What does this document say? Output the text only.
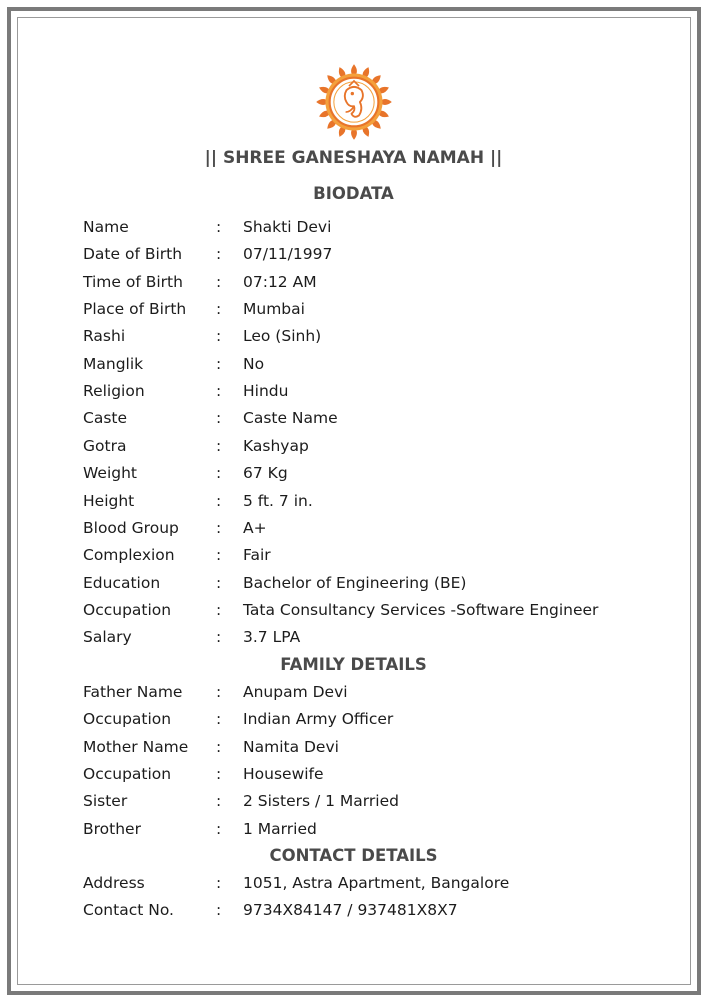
|| SHREE GANESHAYA NAMAH ||
BIODATA
Name	: Shakti Devi
Date of Birth : 07/11/1997
Time of Birth : 07:12 AM
Place of Birth : Mumbai
Rashi	: Leo (Sinh)
Manglik	: No
Religion	: Hindu
Caste	: Caste Name
Gotra	: Kashyap
Weight	: 67 Kg
Height	: 5 ft. 7 in.
Blood Group : A+
Complexion	: Fair
Education	: Bachelor of Engineering (BE)
Occupation	: Tata Consultancy Services -Software Engineer
Salary	: 3.7 LPA
FAMILY DETAILS
Father Name : Anupam Devi
Occupation	: Indian Army Officer
Mother Name : Namita Devi
Occupation	: Housewife
Sister	: 2 Sisters / 1 Married
Brother	: 1 Married
CONTACT DETAILS
Address	: 1051, Astra Apartment, Bangalore
Contact No.	: 9734X84147 / 937481X8X7
